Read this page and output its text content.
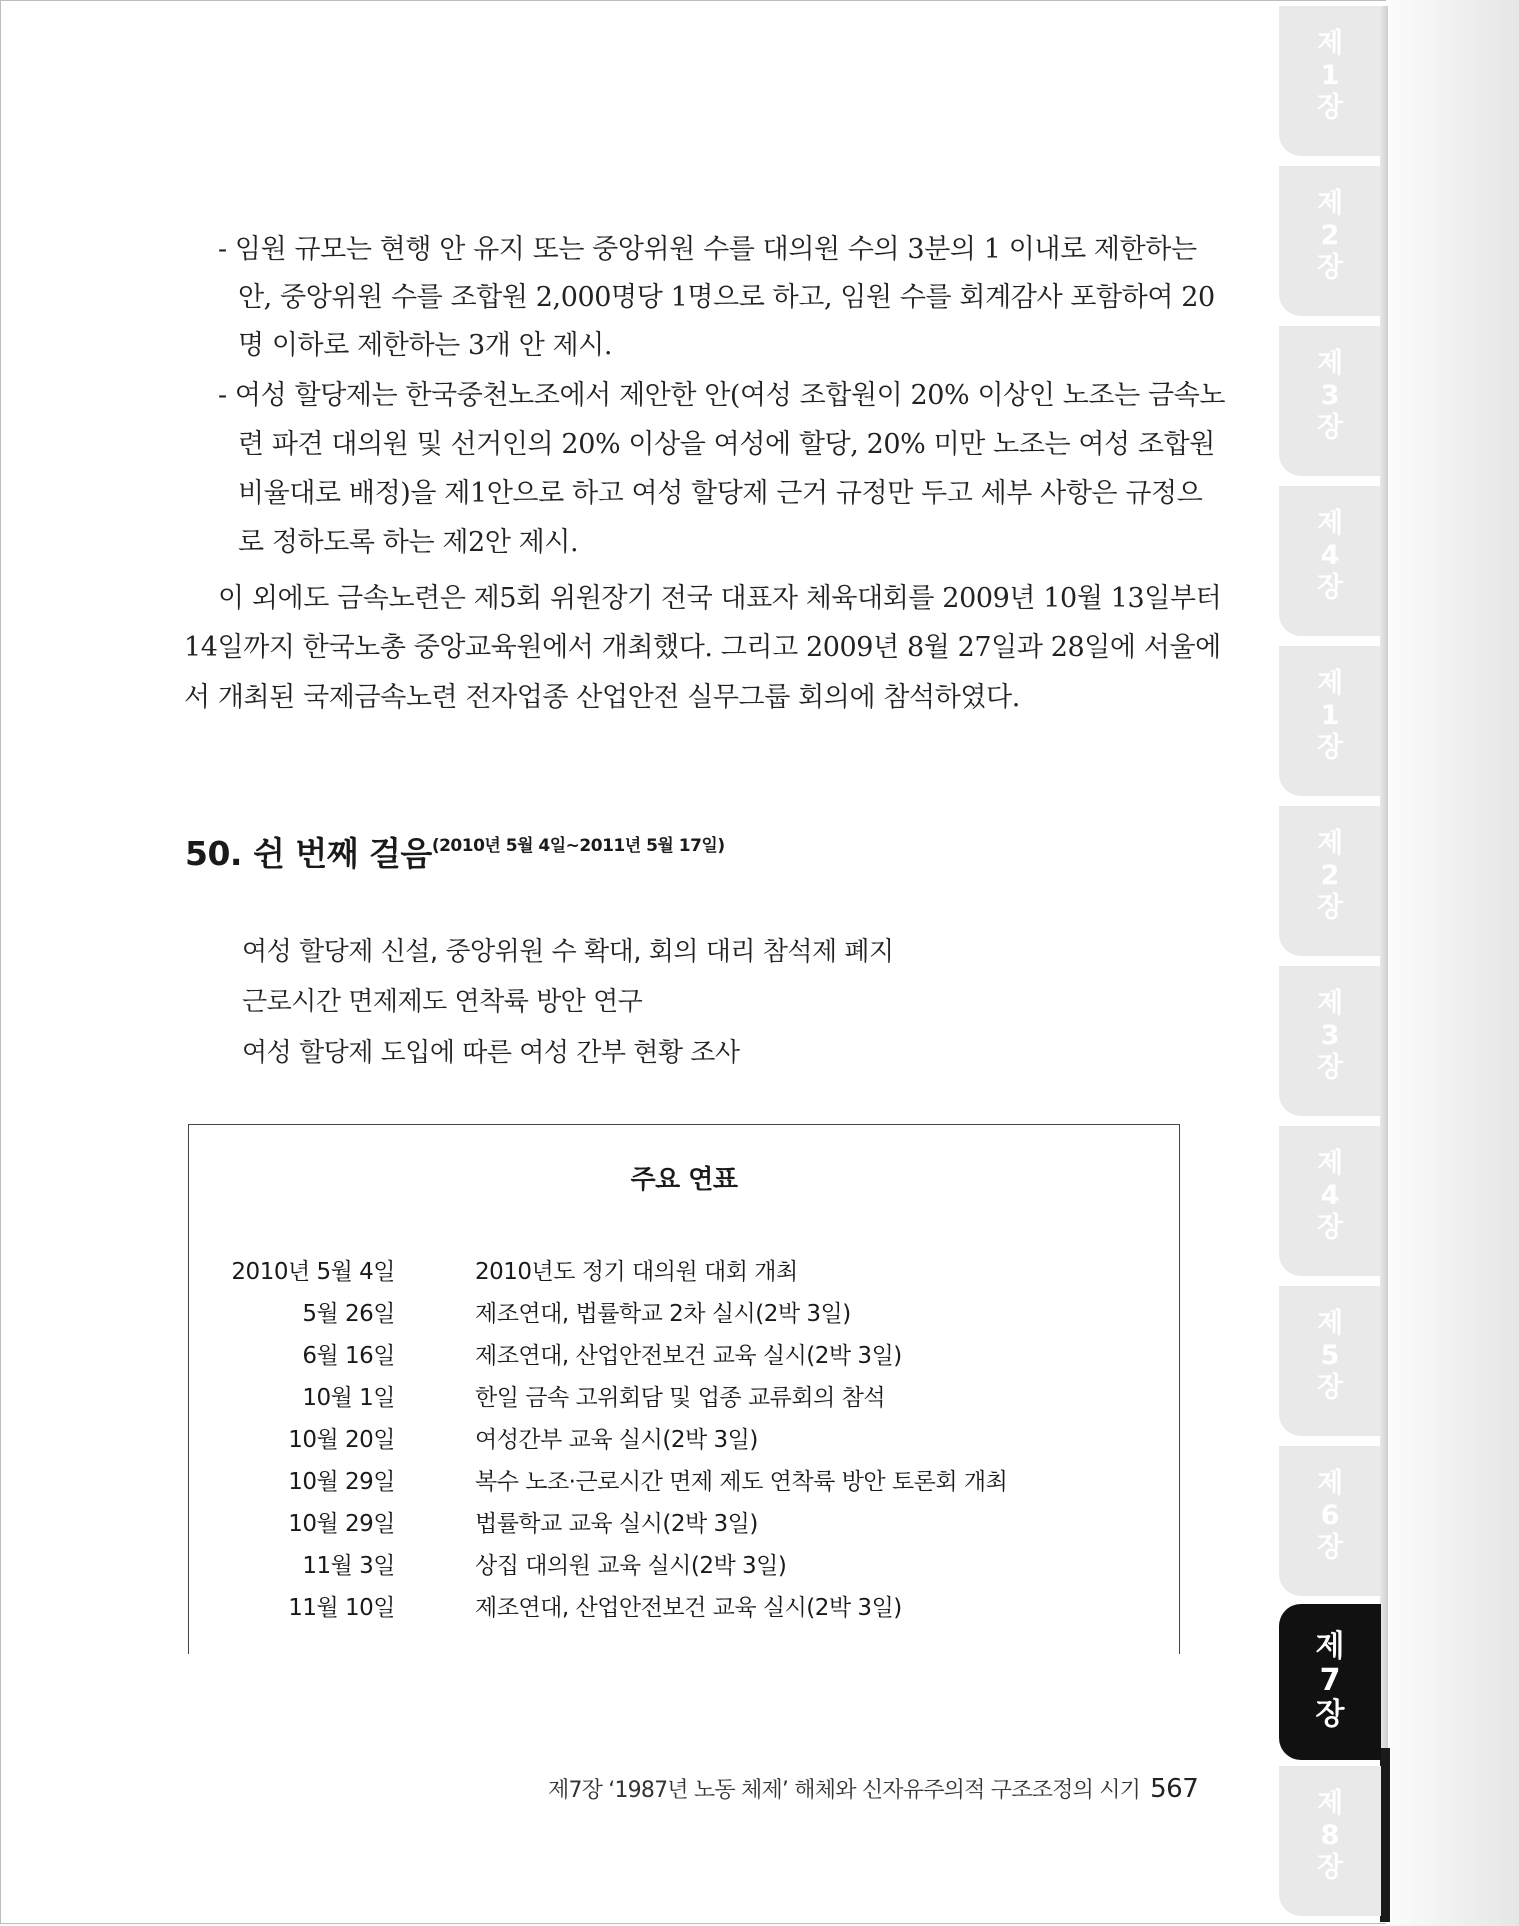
- 임원 규모는 현행 안 유지 또는 중앙위원 수를 대의원 수의 3분의 1 이내로 제한하는
안, 중앙위원 수를 조합원 2,000명당 1명으로 하고, 임원 수를 회계감사 포함하여 20
명 이하로 제한하는 3개 안 제시.
- 여성 할당제는 한국중천노조에서 제안한 안(여성 조합원이 20% 이상인 노조는 금속노
련 파견 대의원 및 선거인의 20% 이상을 여성에 할당, 20% 미만 노조는 여성 조합원
비율대로 배정)을 제1안으로 하고 여성 할당제 근거 규정만 두고 세부 사항은 규정으
로 정하도록 하는 제2안 제시.
이 외에도 금속노련은 제5회 위원장기 전국 대표자 체육대회를 2009년 10월 13일부터
14일까지 한국노총 중앙교육원에서 개최했다. 그리고 2009년 8월 27일과 28일에 서울에
서 개최된 국제금속노련 전자업종 산업안전 실무그룹 회의에 참석하였다.
50. 쉰 번째 걸음$^{(2010년 5월 4일\sim 2011년 5월 17일)}$
여성 할당제 신설, 중앙위원 수 확대, 회의 대리 참석제 폐지
근로시간 면제제도 연착륙 방안 연구
여성 할당제 도입에 따른 여성 간부 현황 조사
주요 연표
2010년 5월 4일	2010년도 정기 대의원 대회 개최
5월 26일	제조연대, 법률학교 2차 실시(2박 3일)
6월 16일	제조연대, 산업안전보건 교육 실시(2박 3일)
10월 1일	한일 금속 고위회담 및 업종 교류회의 참석
10월 20일	여성간부 교육 실시(2박 3일)
10월 29일	복수 노조·근로시간 면제 제도 연착륙 방안 토론회 개최
10월 29일	법률학교 교육 실시(2박 3일)
11월 3일	상집 대의원 교육 실시(2박 3일)
11월 10일	제조연대, 산업안전보건 교육 실시(2박 3일)
제7장 ‘1987년 노동 체제’ 해체와 신자유주의적 구조조정의 시기 567
제
1
장
제
2
장
제
3
장
제
4
장
제
1
장
제
2
장
제
3
장
제
4
장
제
5
장
제
6
장
제
7
장
제
8
장
